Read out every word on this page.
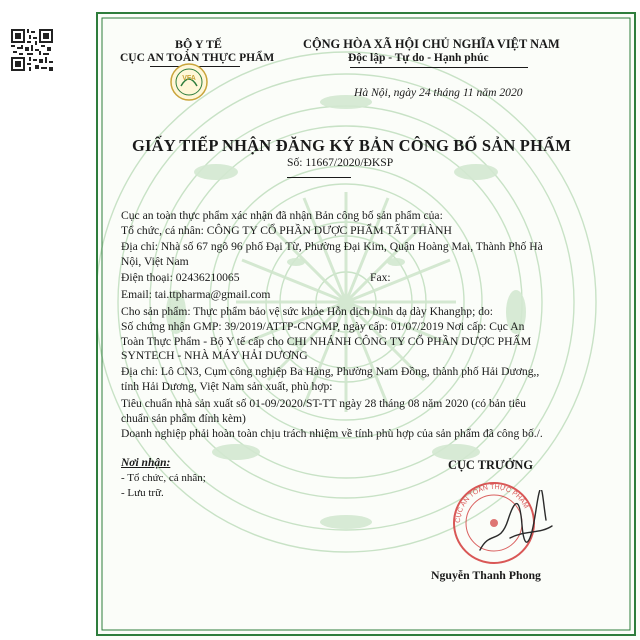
BỘ Y TẾ
CỤC AN TOÀN THỰC PHẨM
VFA
CỘNG HÒA XÃ HỘI CHỦ NGHĨA VIỆT NAM
Độc lập - Tự do - Hạnh phúc
Hà Nội, ngày 24 tháng 11 năm 2020
GIẤY TIẾP NHẬN ĐĂNG KÝ BẢN CÔNG BỐ SẢN PHẨM
Số: 11667/2020/ĐKSP
Cục an toàn thực phẩm xác nhận đã nhận Bản công bố sản phẩm của:
Tổ chức, cá nhân: CÔNG TY CỔ PHẦN DƯỢC PHẨM TẤT THÀNH
Địa chỉ: Nhà số 67 ngõ 96 phố Đại Từ, Phường Đại Kim, Quận Hoàng Mai, Thành Phố Hà
Nội, Việt Nam
Điện thoại: 02436210065	Fax:
Email: tai.ttpharma@gmail.com
Cho sản phẩm: Thực phẩm bảo vệ sức khỏe Hỗn dịch bình dạ dày Khanghp; do:
Số chứng nhận GMP: 39/2019/ATTP-CNGMP, ngày cấp: 01/07/2019 Nơi cấp: Cục An
Toàn Thực Phẩm - Bộ Y tế cấp cho CHI NHÁNH CÔNG TY CỔ PHẦN DƯỢC PHẨM
SYNTECH - NHÀ MÁY HẢI DƯƠNG
Địa chỉ: Lô CN3, Cụm công nghiệp Ba Hàng, Phường Nam Đồng, thành phố Hải Dương,,
tỉnh Hải Dương, Việt Nam sản xuất, phù hợp:
Tiêu chuẩn nhà sản xuất số 01-09/2020/ST-TT ngày 28 tháng 08 năm 2020 (có bản tiêu
chuẩn sản phẩm đính kèm)
Doanh nghiệp phải hoàn toàn chịu trách nhiệm về tính phù hợp của sản phẩm đã công bố./.
Nơi nhận:
- Tổ chức, cá nhân;
- Lưu trữ.
CỤC TRƯỞNG
CỤC AN TOÀN THỰC PHẨM
Nguyễn Thanh Phong
